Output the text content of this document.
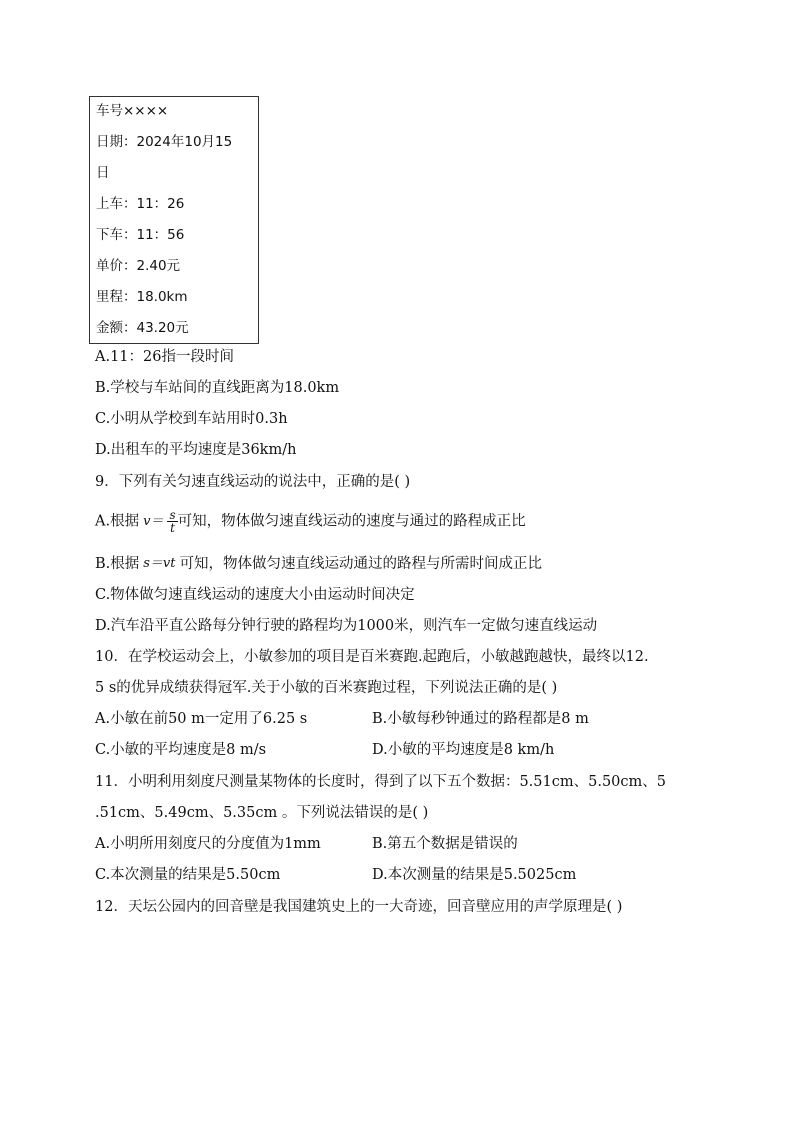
车号××××
日期：2024年10月15
日
上车：11：26
下车：11：56
单价：2.40元
里程：18.0km
金额：43.20元
A.11：26指一段时间
B.学校与车站间的直线距离为18.0km
C.小明从学校到车站用时0.3h
D.出租车的平均速度是36km/h
9．下列有关匀速直线运动的说法中，正确的是( )
A.根据 $v= \frac{s}{t}$ 可知，物体做匀速直线运动的速度与通过的路程成正比
B.根据 s＝vt 可知，物体做匀速直线运动通过的路程与所需时间成正比
C.物体做匀速直线运动的速度大小由运动时间决定
D.汽车沿平直公路每分钟行驶的路程均为1000米，则汽车一定做匀速直线运动
10．在学校运动会上，小敏参加的项目是百米赛跑.起跑后，小敏越跑越快，最终以12.
5 s的优异成绩获得冠军.关于小敏的百米赛跑过程，下列说法正确的是( )
A.小敏在前50 m一定用了6.25 s	B.小敏每秒钟通过的路程都是8 m
C.小敏的平均速度是8 m/s	D.小敏的平均速度是8 km/h
11．小明利用刻度尺测量某物体的长度时，得到了以下五个数据：5.51cm、5.50cm、5
.51cm、5.49cm、5.35cm 。下列说法错误的是( )
A.小明所用刻度尺的分度值为1mm	B.第五个数据是错误的
C.本次测量的结果是5.50cm	D.本次测量的结果是5.5025cm
12．天坛公园内的回音壁是我国建筑史上的一大奇迹，回音壁应用的声学原理是( )
